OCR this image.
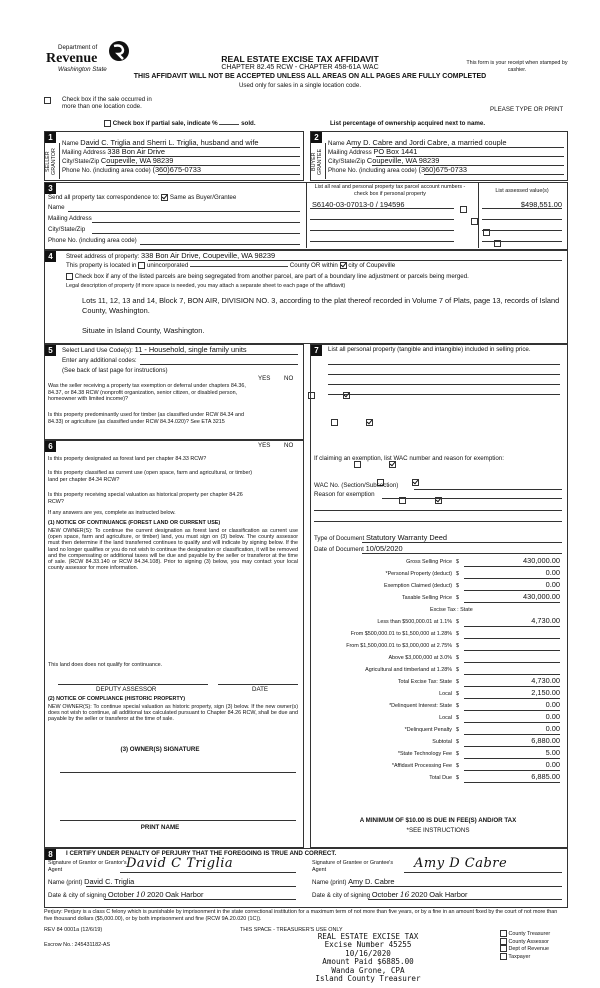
Department of
Revenue
Washington State
REAL ESTATE EXCISE TAX AFFIDAVIT
CHAPTER 82.45 RCW - CHAPTER 458-61A WAC
THIS AFFIDAVIT WILL NOT BE ACCEPTED UNLESS ALL AREAS ON ALL PAGES ARE FULLY COMPLETED
Used only for sales in a single location code.
This form is your receipt when stamped by cashier.
Check box if the sale occurred in more than one location code.	PLEASE TYPE OR PRINT
Check box if partial sale, indicate %	sold.	List percentage of ownership acquired next to name.
1
SELLER GRANTOR
Name David C. Triglia and Sherri L. Triglia, husband and wife
Mailing Address 338 Bon Air Drive
City/State/Zip Coupeville, WA 98239
Phone No. (including area code) (360)675-0733
2
BUYER GRANTEE
Name Amy D. Cabre and Jordi Cabre, a married couple
Mailing Address PO Box 1441
City/State/Zip Coupeville, WA 98239
Phone No. (including area code) (360)675-0733
3
Send all property tax correspondence to: Same as Buyer/Grantee
Name
Mailing Address
City/State/Zip
Phone No. (including area code)
List all real and personal property tax parcel account numbers - check box if personal property	List assessed value(s)
S6140-03-07013-0 / 194596
	$498,551.00

4	Street address of property: 338 Bon Air Drive, Coupeville, WA 98239
This property is located in unincorporated	County OR within city of Coupeville
Check box if any of the listed parcels are being segregated from another parcel, are part of a boundary line adjustment or parcels being merged.
Legal description of property (if more space is needed, you may attach a separate sheet to each page of the affidavit)
Lots 11, 12, 13 and 14, Block 7, BON AIR, DIVISION NO. 3, according to the plat thereof recorded in Volume 7 of Plats, page 13, records of Island County, Washington.
Situate in Island County, Washington.
5	Select Land Use Code(s): 11 - Household, single family units
Enter any additional codes:
(See back of last page for instructions)
YES NO
Was the seller receiving a property tax exemption or deferral under chapters 84.36, 84.37, or 84.38 RCW (nonprofit organization, senior citizen, or disabled person, homeowner with limited income)?

Is this property predominantly used for timber (as classified under RCW 84.34 and 84.33) or agriculture (as classified under RCW 84.34.020)? See ETA 3215

6	YES NO
Is this property designated as forest land per chapter 84.33 RCW?

Is this property classified as current use (open space, farm and agricultural, or timber) land per chapter 84.34 RCW?

Is this property receiving special valuation as historical property per chapter 84.26 RCW?

If any answers are yes, complete as instructed below.
(1) NOTICE OF CONTINUANCE (FOREST LAND OR CURRENT USE)
NEW OWNER(S): To continue the current designation as forest land or classification as current use (open space, farm and agriculture, or timber) land, you must sign on (3) below. The county assessor must then determine if the land transferred continues to qualify and will indicate by signing below. If the land no longer qualifies or you do not wish to continue the designation or classification, it will be removed and the compensating or additional taxes will be due and payable by the seller or transferor at the time of sale. (RCW 84.33.140 or RCW 84.34.108). Prior to signing (3) below, you may contact your local county assessor for more information.
This land does does not qualify for continuance.
DEPUTY ASSESSOR	DATE
(2) NOTICE OF COMPLIANCE (HISTORIC PROPERTY)
NEW OWNER(S): To continue special valuation as historic property, sign (3) below. If the new owner(s) does not wish to continue, all additional tax calculated pursuant to Chapter 84.26 RCW, shall be due and payable by the seller or transferor at the time of sale.
(3) OWNER(S) SIGNATURE
PRINT NAME
7	List all personal property (tangible and intangible) included in selling price.
If claiming an exemption, list WAC number and reason for exemption:
WAC No. (Section/Subsection)
Reason for exemption
Type of Document Statutory Warranty Deed
Date of Document 10/05/2020
Excise Tax : State
Gross Selling Price $	430,000.00
*Personal Property (deduct) $	0.00
Exemption Claimed (deduct) $	0.00
Taxable Selling Price $	430,000.00
Less than $500,000.01 at 1.1% $	4,730.00
From $500,000.01 to $1,500,000 at 1.28% $
From $1,500,000.01 to $3,000,000 at 2.75% $
Above $3,000,000 at 3.0% $
Agricultural and timberland at 1.28% $
Total Excise Tax: State $	4,730.00
Local $	2,150.00
*Delinquent Interest: State $	0.00
Local $	0.00
*Delinquent Penalty $	0.00
Subtotal $	6,880.00
*State Technology Fee $	5.00
*Affidavit Processing Fee $	0.00
Total Due $	6,885.00
A MINIMUM OF $10.00 IS DUE IN FEE(S) AND/OR TAX
*SEE INSTRUCTIONS
8	I CERTIFY UNDER PENALTY OF PERJURY THAT THE FOREGOING IS TRUE AND CORRECT.
Signature of Grantor or Grantor's Agent	David C Triglia	Signature of Grantee or Grantee's Agent	Amy D Cabre
Name (print) David C. Triglia	Name (print) Amy D. Cabre
Date & city of signing October 10 2020 Oak Harbor	Date & city of signing October 16 2020 Oak Harbor
Perjury: Perjury is a class C felony which is punishable by imprisonment in the state correctional institution for a maximum term of not more than five years, or by a fine in an amount fixed by the court of not more than five thousand dollars ($5,000.00), or by both imprisonment and fine (RCW 9A.20.020 (1C)).
REV 84 0001a (12/6/19)	THIS SPACE - TREASURER'S USE ONLY
Escrow No.: 245431182-AS
REAL ESTATE EXCISE TAX
Excise Number 45255
10/16/2020
Amount Paid $6885.00
Wanda Grone, CPA
Island County Treasurer
County Treasurer
County Assessor
Dept of Revenue
Taxpayer
